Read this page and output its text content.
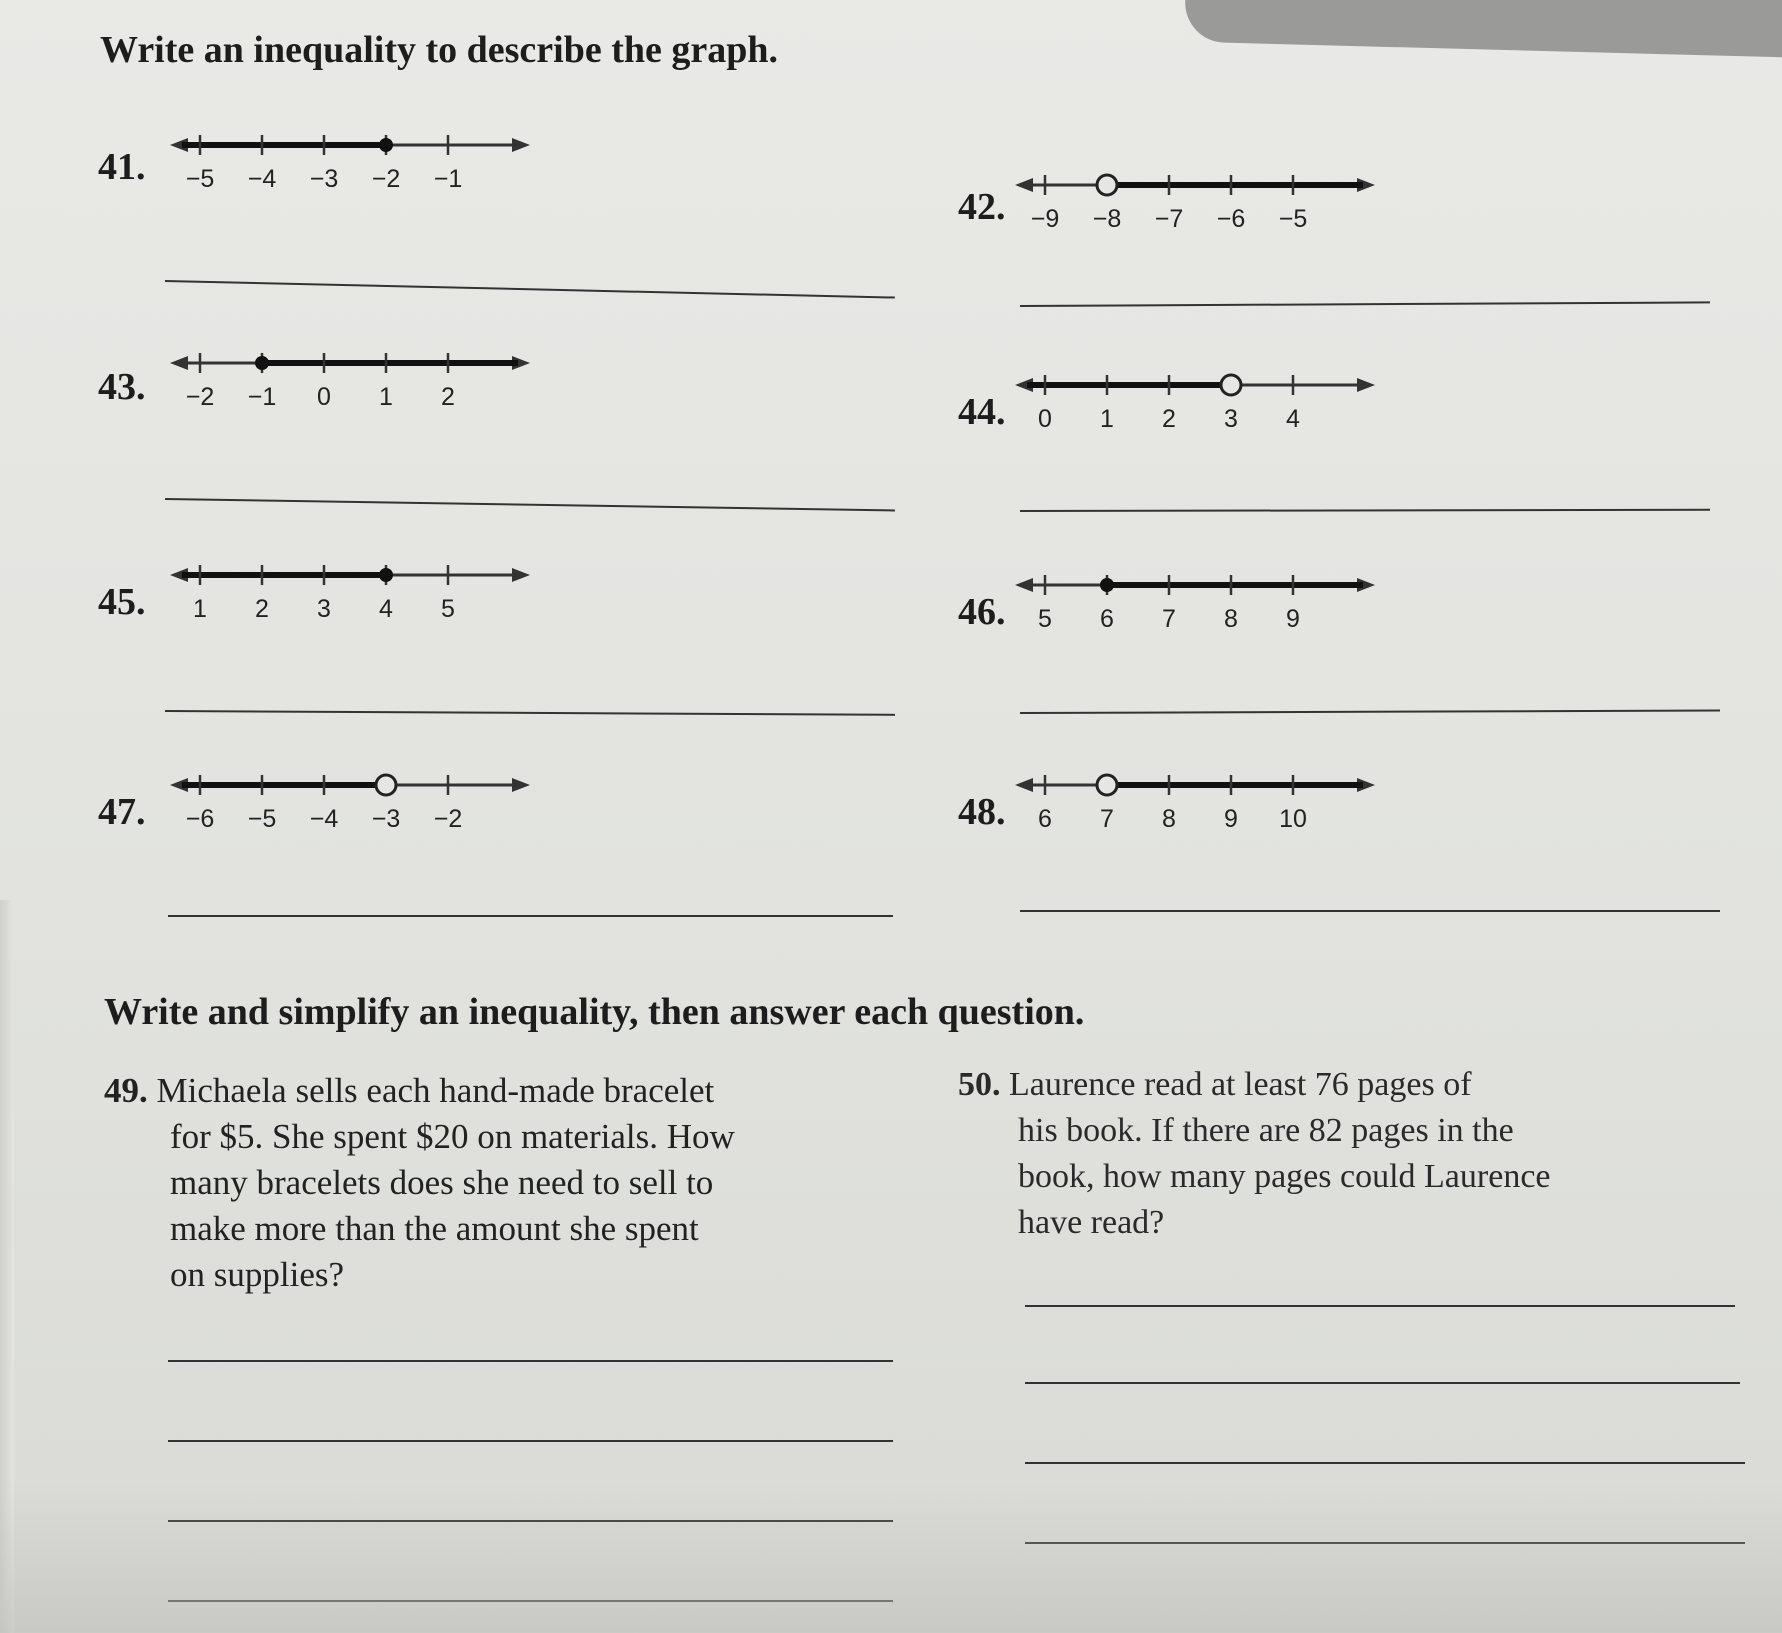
Write an inequality to describe the graph.
41.
42.
43.
44.
45.	46.
47.	48.
−5 −4 −3 −2 −1
−9 −8 −7 −6 −5
−2 −1 0 1 2
0 1 2 3 4
1 2 3 4 5	5 6 7 8 9
−6 −5 −4 −3 −2	6 7 8 9 10
Write and simplify an inequality, then answer each question.
49. Michaela sells each hand-made bracelet
for $5. She spent $20 on materials. How
many bracelets does she need to sell to
make more than the amount she spent
on supplies?
50. Laurence read at least 76 pages of
his book. If there are 82 pages in the
book, how many pages could Laurence
have read?
